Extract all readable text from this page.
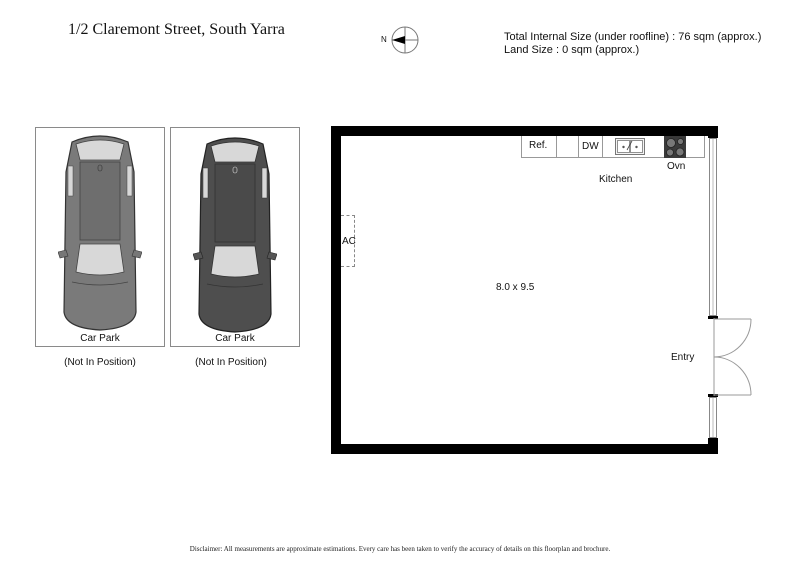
1/2 Claremont Street, South Yarra
N	Total Internal Size (under roofline) : 76 sqm (approx.)
Land Size : 0 sqm (approx.)
Car Park
(Not In Position)
Car Park
(Not In Position)	Entry
Ref.	DW
Ovn
Kitchen
AC
8.0 x 9.5
Disclaimer: All measurements are approximate estimations. Every care has been taken to verify the accuracy of details on this floorplan and brochure.
